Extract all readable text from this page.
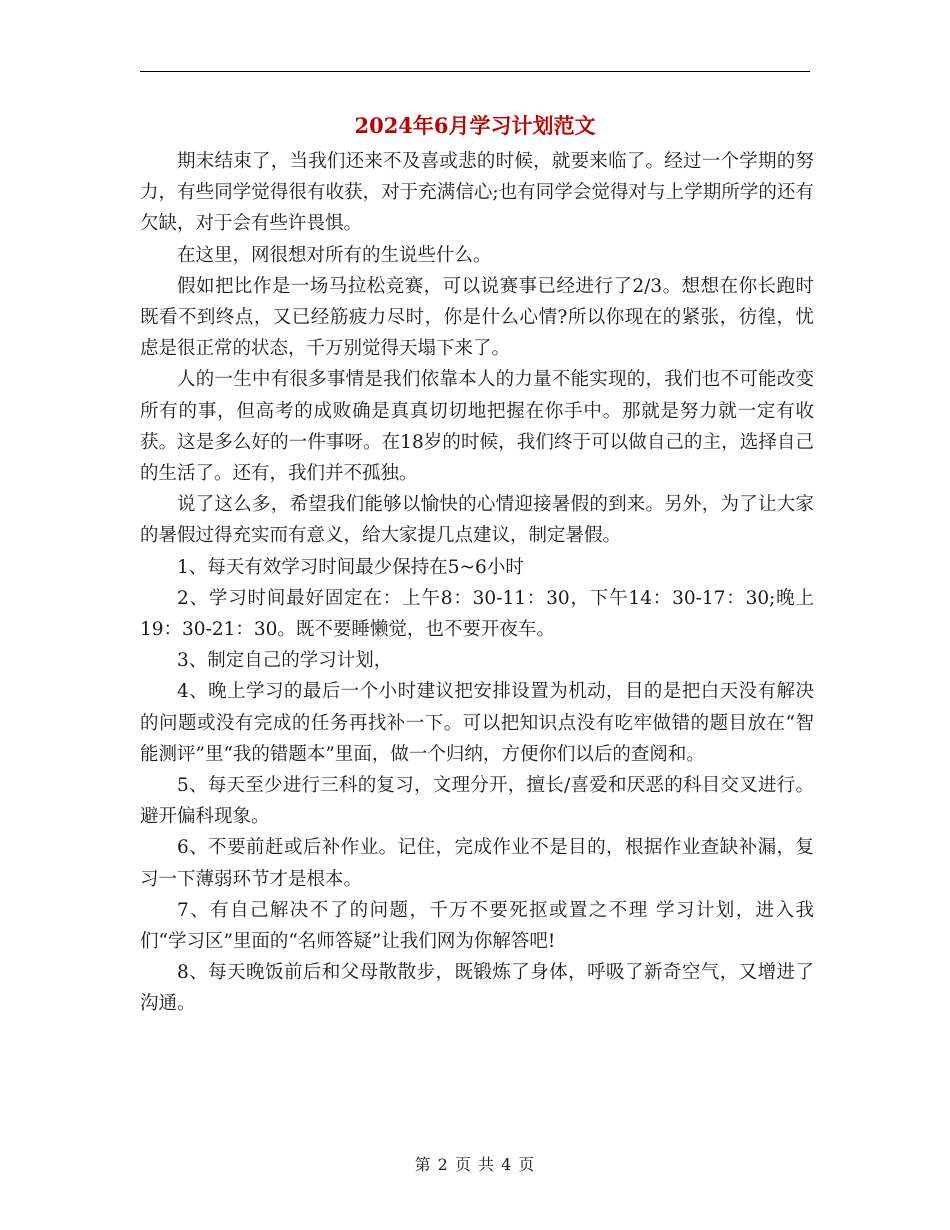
2024年6月学习计划范文

期末结束了，当我们还来不及喜或悲的时候，就要来临了。经过一个学期的努力，有些同学觉得很有收获，对于充满信心;也有同学会觉得对与上学期所学的还有欠缺，对于会有些许畏惧。

在这里，网很想对所有的生说些什么。

假如把比作是一场马拉松竞赛，可以说赛事已经进行了2/3。想想在你长跑时既看不到终点，又已经筋疲力尽时，你是什么心情?所以你现在的紧张，彷徨，忧虑是很正常的状态，千万别觉得天塌下来了。

人的一生中有很多事情是我们依靠本人的力量不能实现的，我们也不可能改变所有的事，但高考的成败确是真真切切地把握在你手中。那就是努力就一定有收获。这是多么好的一件事呀。在18岁的时候，我们终于可以做自己的主，选择自己的生活了。还有，我们并不孤独。

说了这么多，希望我们能够以愉快的心情迎接暑假的到来。另外，为了让大家的暑假过得充实而有意义，给大家提几点建议，制定暑假。

1、每天有效学习时间最少保持在5~6小时

2、学习时间最好固定在：上午8：30-11：30，下午14：30-17：30;晚上19：30-21：30。既不要睡懒觉，也不要开夜车。

3、制定自己的学习计划，

4、晚上学习的最后一个小时建议把安排设置为机动，目的是把白天没有解决的问题或没有完成的任务再找补一下。可以把知识点没有吃牢做错的题目放在“智能测评”里“我的错题本”里面，做一个归纳，方便你们以后的查阅和。

5、每天至少进行三科的复习，文理分开，擅长/喜爱和厌恶的科目交叉进行。避开偏科现象。

6、不要前赶或后补作业。记住，完成作业不是目的，根据作业查缺补漏，复习一下薄弱环节才是根本。

7、有自己解决不了的问题，千万不要死抠或置之不理 学习计划，进入我们“学习区”里面的“名师答疑”让我们网为你解答吧!

8、每天晚饭前后和父母散散步，既锻炼了身体，呼吸了新奇空气，又增进了沟通。

第 2 页 共 4 页
